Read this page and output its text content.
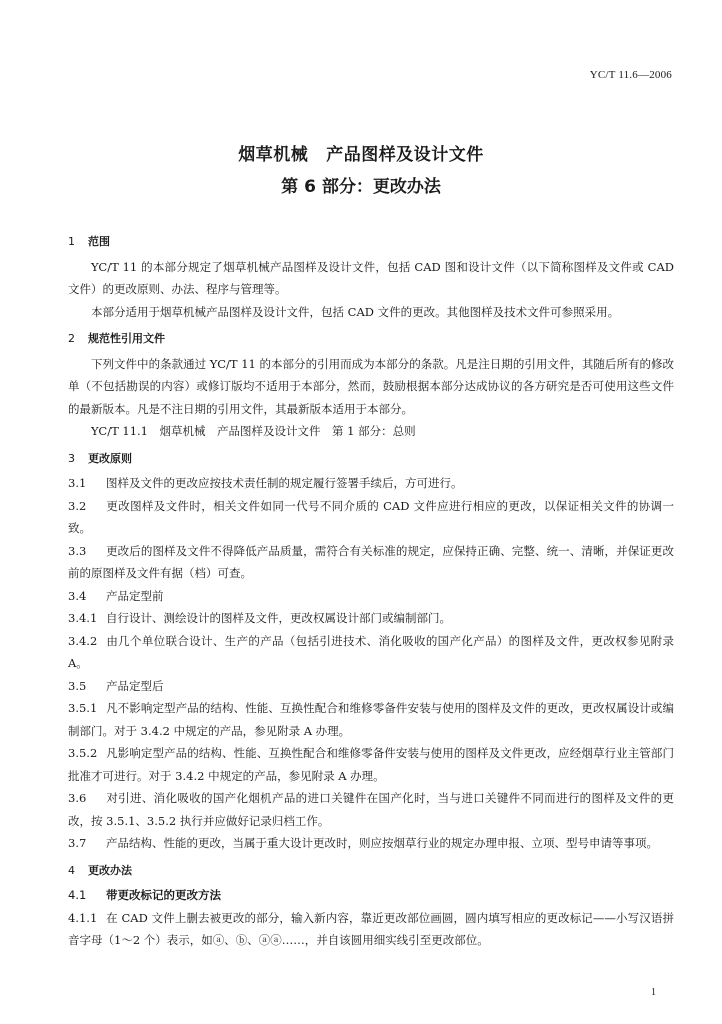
YC/T 11.6—2006
烟草机械 产品图样及设计文件
第 6 部分：更改办法
1 范围

YC/T 11 的本部分规定了烟草机械产品图样及设计文件，包括 CAD 图和设计文件（以下简称图样及文件或 CAD 文件）的更改原则、办法、程序与管理等。

本部分适用于烟草机械产品图样及设计文件，包括 CAD 文件的更改。其他图样及技术文件可参照采用。

2 规范性引用文件

下列文件中的条款通过 YC/T 11 的本部分的引用而成为本部分的条款。凡是注日期的引用文件，其随后所有的修改单（不包括勘误的内容）或修订版均不适用于本部分，然而，鼓励根据本部分达成协议的各方研究是否可使用这些文件的最新版本。凡是不注日期的引用文件，其最新版本适用于本部分。

YC/T 11.1　烟草机械　产品图样及设计文件　第 1 部分：总则

3 更改原则

3.1 图样及文件的更改应按技术责任制的规定履行签署手续后，方可进行。

3.2 更改图样及文件时，相关文件如同一代号不同介质的 CAD 文件应进行相应的更改，以保证相关文件的协调一致。

3.3 更改后的图样及文件不得降低产品质量，需符合有关标准的规定，应保持正确、完整、统一、清晰，并保证更改前的原图样及文件有据（档）可查。

3.4 产品定型前

3.4.1 自行设计、测绘设计的图样及文件，更改权属设计部门或编制部门。

3.4.2 由几个单位联合设计、生产的产品（包括引进技术、消化吸收的国产化产品）的图样及文件，更改权参见附录 A。

3.5 产品定型后

3.5.1 凡不影响定型产品的结构、性能、互换性配合和维修零备件安装与使用的图样及文件的更改，更改权属设计或编制部门。对于 3.4.2 中规定的产品，参见附录 A 办理。

3.5.2 凡影响定型产品的结构、性能、互换性配合和维修零备件安装与使用的图样及文件更改，应经烟草行业主管部门批准才可进行。对于 3.4.2 中规定的产品，参见附录 A 办理。

3.6 对引进、消化吸收的国产化烟机产品的进口关键件在国产化时，当与进口关键件不同而进行的图样及文件的更改，按 3.5.1、3.5.2 执行并应做好记录归档工作。

3.7 产品结构、性能的更改，当属于重大设计更改时，则应按烟草行业的规定办理申报、立项、型号申请等事项。

4 更改办法

4.1 带更改标记的更改方法

4.1.1 在 CAD 文件上删去被更改的部分，输入新内容，靠近更改部位画圆，圆内填写相应的更改标记——小写汉语拼音字母（1～2 个）表示，如ⓐ、ⓑ、ⓐⓐ……，并自该圆用细实线引至更改部位。

1
